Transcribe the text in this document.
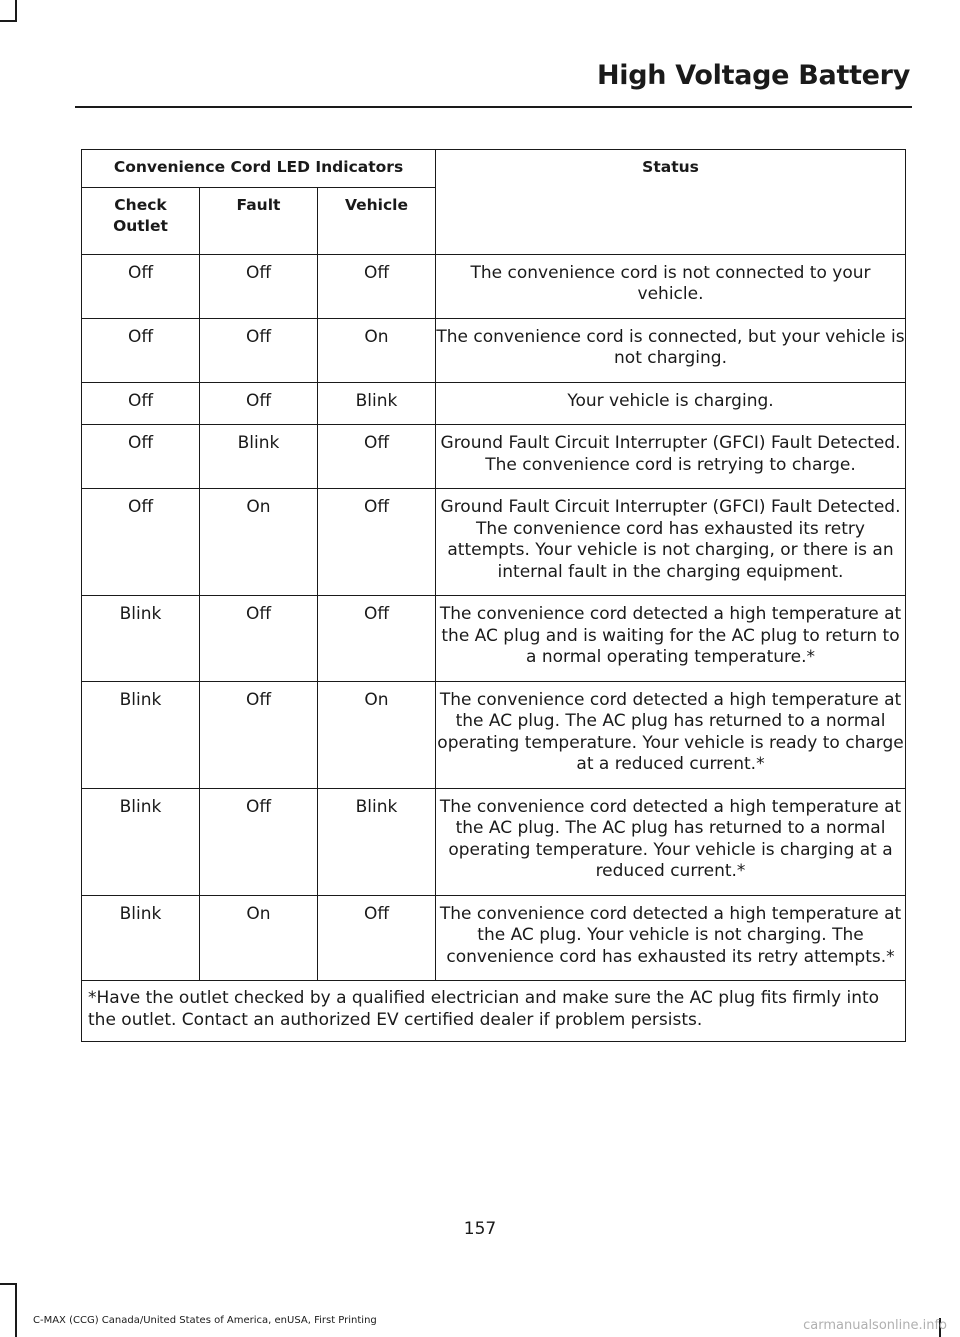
High Voltage Battery
Convenience Cord LED Indicators			Status
Check Outlet	Fault	Vehicle	
Off	Off	Off	The convenience cord is not connected to your vehicle.
Off	Off	On	The convenience cord is connected, but your vehicle is not charging.
Off	Off	Blink	Your vehicle is charging.
Off	Blink	Off	Ground Fault Circuit Interrupter (GFCI) Fault Detected. The convenience cord is retrying to charge.
Off	On	Off	Ground Fault Circuit Interrupter (GFCI) Fault Detected. The convenience cord has exhausted its retry attempts. Your vehicle is not charging, or there is an internal fault in the charging equipment.
Blink	Off	Off	The convenience cord detected a high temperature at the AC plug and is waiting for the AC plug to return to a normal operating temperature.*
Blink	Off	On	The convenience cord detected a high temperature at the AC plug. The AC plug has returned to a normal operating temperature. Your vehicle is ready to charge at a reduced current.*
Blink	Off	Blink	The convenience cord detected a high temperature at the AC plug. The AC plug has returned to a normal operating temperature. Your vehicle is charging at a reduced current.*
Blink	On	Off	The convenience cord detected a high temperature at the AC plug. Your vehicle is not charging. The convenience cord has exhausted its retry attempts.*
*Have the outlet checked by a qualified electrician and make sure the AC plug fits firmly into the outlet. Contact an authorized EV certified dealer if problem persists.			
157
C-MAX (CCG) Canada/United States of America, enUSA, First Printing	carmanualsonline.info
